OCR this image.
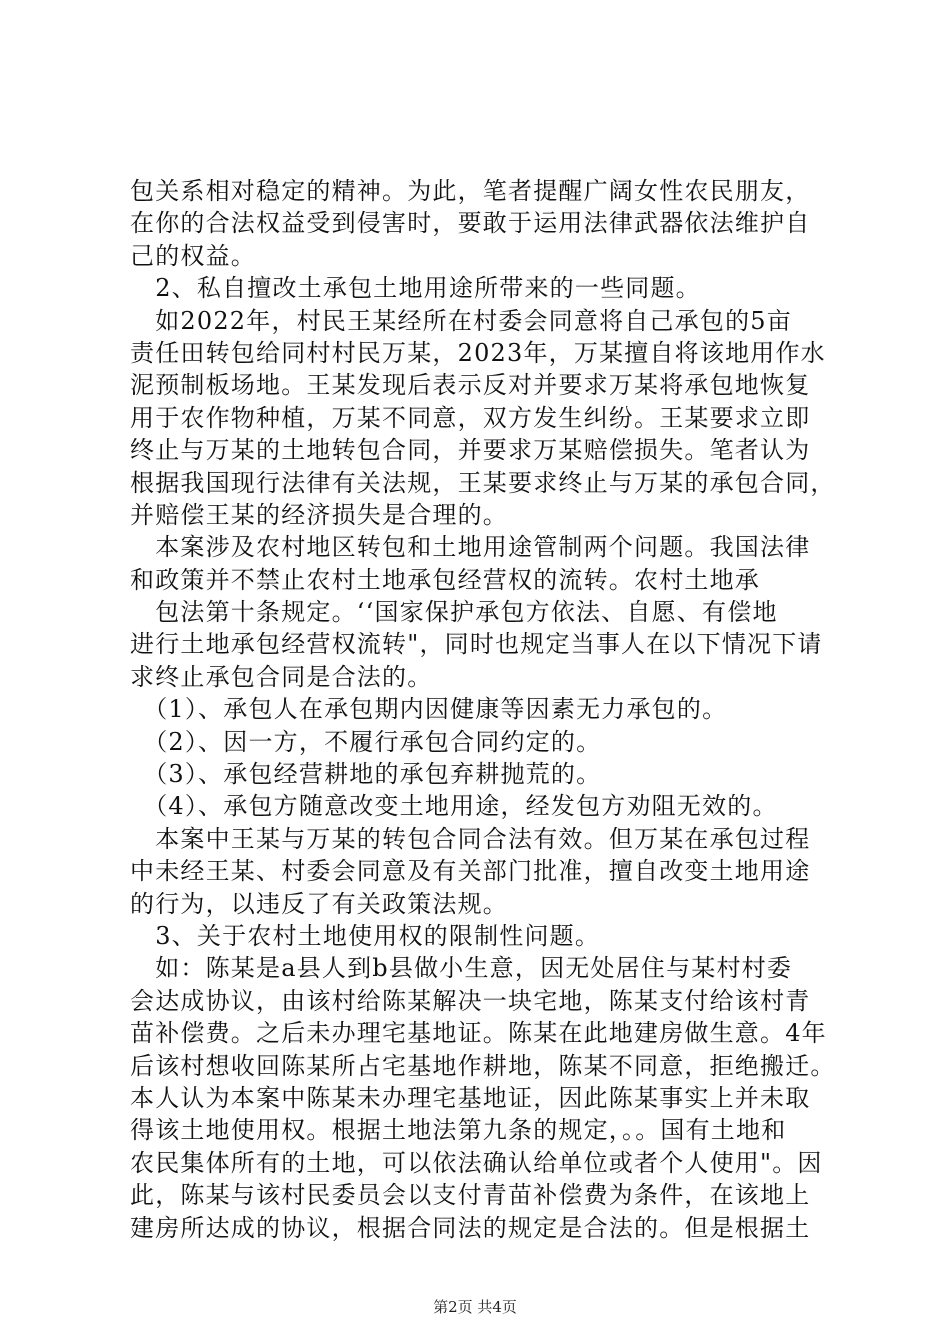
包关系相对稳定的精神。为此，笔者提醒广阔女性农民朋友，
在你的合法权益受到侵害时，要敢于运用法律武器依法维护自
己的权益。
　2、私自擅改土承包土地用途所带来的一些同题。
　如2022年，村民王某经所在村委会同意将自己承包的5亩
责任田转包给同村村民万某，2023年，万某擅自将该地用作水
泥预制板场地。王某发现后表示反对并要求万某将承包地恢复
用于农作物种植，万某不同意，双方发生纠纷。王某要求立即
终止与万某的土地转包合同，并要求万某赔偿损失。笔者认为
根据我国现行法律有关法规，王某要求终止与万某的承包合同，
并赔偿王某的经济损失是合理的。
　本案涉及农村地区转包和土地用途管制两个问题。我国法律
和政策并不禁止农村土地承包经营权的流转。农村土地承
　包法第十条规定。‘‘国家保护承包方依法、自愿、有偿地
进行土地承包经营权流转"，同时也规定当事人在以下情况下请
求终止承包合同是合法的。
　（1）、承包人在承包期内因健康等因素无力承包的。
　（2）、因一方，不履行承包合同约定的。
　（3）、承包经营耕地的承包弃耕抛荒的。
　（4）、承包方随意改变土地用途，经发包方劝阻无效的。
　本案中王某与万某的转包合同合法有效。但万某在承包过程
中未经王某、村委会同意及有关部门批准，擅自改变土地用途
的行为，以违反了有关政策法规。
　3、关于农村土地使用权的限制性问题。
　如：陈某是a县人到b县做小生意，因无处居住与某村村委
会达成协议，由该村给陈某解决一块宅地，陈某支付给该村青
苗补偿费。之后未办理宅基地证。陈某在此地建房做生意。4年
后该村想收回陈某所占宅基地作耕地，陈某不同意，拒绝搬迁。
本人认为本案中陈某未办理宅基地证，因此陈某事实上并未取
得该土地使用权。根据土地法第九条的规定，。。国有土地和
农民集体所有的土地，可以依法确认给单位或者个人使用"。因
此，陈某与该村民委员会以支付青苗补偿费为条件，在该地上
建房所达成的协议，根据合同法的规定是合法的。但是根据土
第2页 共4页
